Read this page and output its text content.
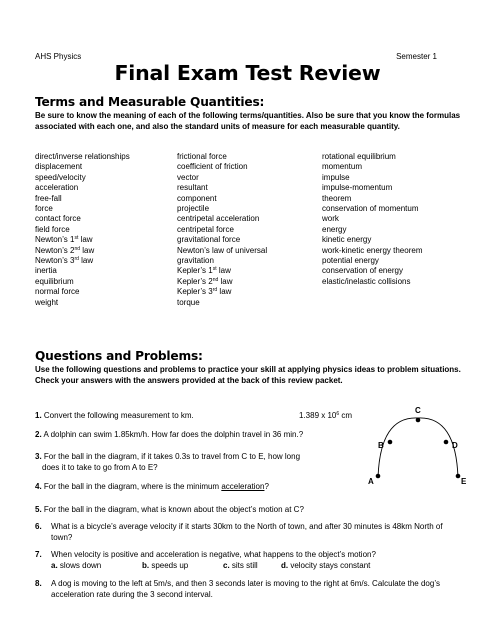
AHS Physics	Semester 1
Final Exam Test Review
Terms and Measurable Quantities:
Be sure to know the meaning of each of the following terms/quantities. Also be sure that you know the formulas associated with each one, and also the standard units of measure for each measurable quantity.
direct/inverse relationships
displacement
speed/velocity
acceleration
free-fall
force
contact force
field force
Newton’s 1st law
Newton’s 2nd law
Newton’s 3rd law
inertia
equilibrium
normal force
weight
frictional force
coefficient of friction
vector
resultant
component
projectile
centripetal acceleration
centripetal force
gravitational force
Newton’s law of universal
gravitation
Kepler’s 1st law
Kepler’s 2nd law
Kepler’s 3rd law
torque
rotational equilibrium
momentum
impulse
impulse-momentum
theorem
conservation of momentum
work
energy
kinetic energy
work-kinetic energy theorem
potential energy
conservation of energy
elastic/inelastic collisions
Questions and Problems:
Use the following questions and problems to practice your skill at applying physics ideas to problem situations. Check your answers with the answers provided at the back of this review packet.
1. Convert the following measurement to km.	1.389 x $10^6$ cm
2. A dolphin can swim 1.85km/h. How far does the dolphin travel in 36 min.?
3. For the ball in the diagram, if it takes 0.3s to travel from C to E, how long
does it to take to go from A to E?
4. For the ball in the diagram, where is the minimum acceleration?
5. For the ball in the diagram, what is known about the object’s motion at C?
6.	What is a bicycle’s average velocity if it starts 30km to the North of town, and after 30 minutes is 48km North of town?
7.	When velocity is positive and acceleration is negative, what happens to the object’s motion?
a. slows down	b. speeds up	c. sits still	d. velocity stays constant
8.	A dog is moving to the left at 5m/s, and then 3 seconds later is moving to the right at 6m/s. Calculate the dog’s acceleration rate during the 3 second interval.
C
B	D
A	E
